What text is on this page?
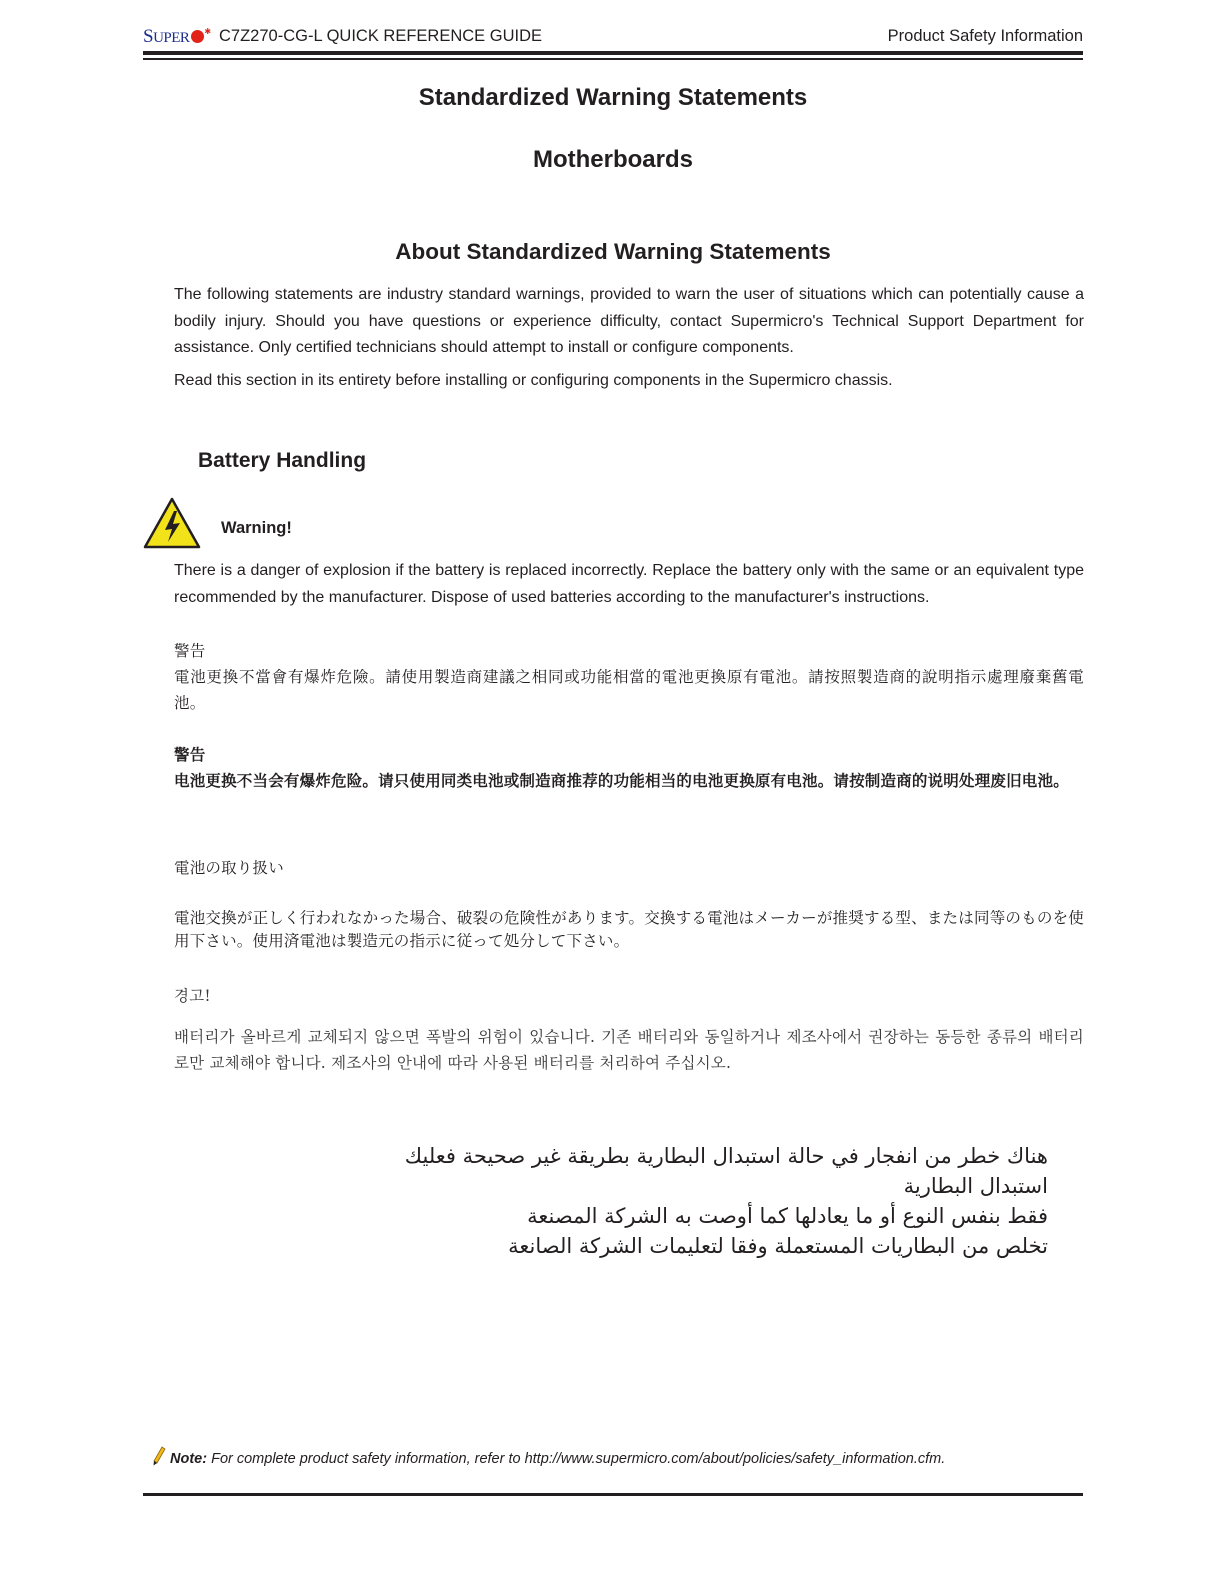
SUPER ✱ C7Z270-CG-L QUICK REFERENCE GUIDE	Product Safety Information
Standardized Warning Statements
Motherboards
About Standardized Warning Statements
The following statements are industry standard warnings, provided to warn the user of situations which can potentially cause a bodily injury. Should you have questions or experience difficulty, contact Supermicro's Technical Support Department for assistance. Only certified technicians should attempt to install or configure components.
Read this section in its entirety before installing or configuring components in the Supermicro chassis.
Battery Handling
Warning!
There is a danger of explosion if the battery is replaced incorrectly. Replace the battery only with the same or an equivalent type recommended by the manufacturer. Dispose of used batteries according to the manufacturer's instructions.
警告
電池更換不當會有爆炸危險。請使用製造商建議之相同或功能相當的電池更換原有電池。請按照製造商的說明指示處理廢棄舊電池。
警告
电池更换不当会有爆炸危险。请只使用同类电池或制造商推荐的功能相当的电池更换原有电池。请按制造商的说明处理废旧电池。
電池の取り扱い
電池交換が正しく行われなかった場合、破裂の危険性があります。交換する電池はメーカーが推奨する型、または同等のものを使用下さい。使用済電池は製造元の指示に従って処分して下さい。
경고!
배터리가 올바르게 교체되지 않으면 폭발의 위험이 있습니다. 기존 배터리와 동일하거나 제조사에서 권장하는 동등한 종류의 배터리로만 교체해야 합니다. 제조사의 안내에 따라 사용된 배터리를 처리하여 주십시오.
هناك خطر من انفجار في حالة استبدال البطارية بطريقة غير صحيحة فعليك
استبدال البطارية
فقط بنفس النوع أو ما يعادلها كما أوصت به الشركة المصنعة
تخلص من البطاريات المستعملة وفقا لتعليمات الشركة الصانعة
Note: For complete product safety information, refer to http://www.supermicro.com/about/policies/safety_information.cfm.
